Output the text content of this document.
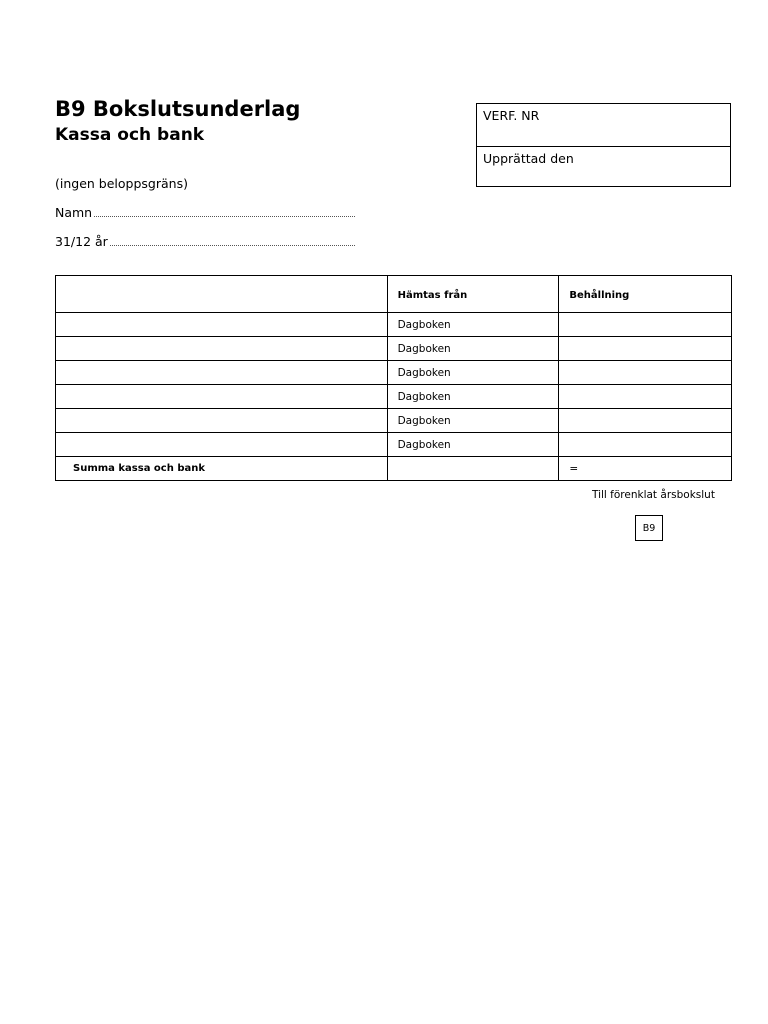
B9 Bokslutsunderlag
Kassa och bank
(ingen beloppsgräns)
Namn
31/12 år
VERF. NR
Upprättad den
	Hämtas från	Behållning
	Dagboken	
	Dagboken	
	Dagboken	
	Dagboken	
	Dagboken	
	Dagboken	
Summa kassa och bank		=
Till förenklat årsbokslut
B9
